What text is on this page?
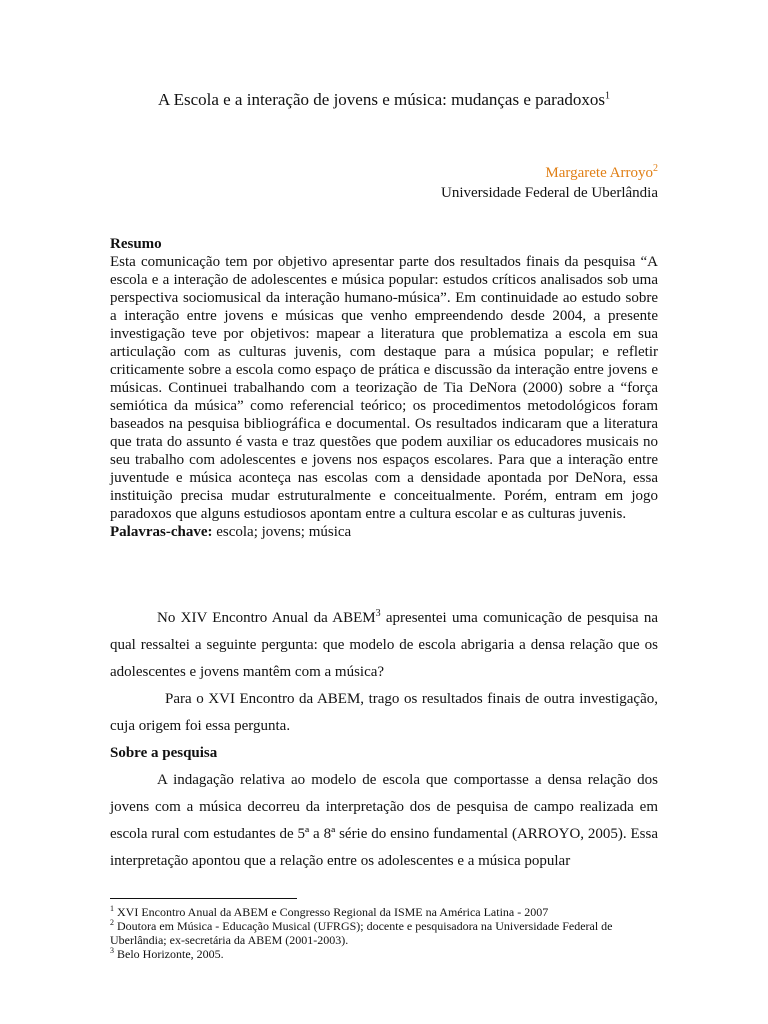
A Escola e a interação de jovens e música: mudanças e paradoxos$^1$
Margarete Arroyo$^2$
Universidade Federal de Uberlândia
Resumo
Esta comunicação tem por objetivo apresentar parte dos resultados finais da pesquisa “A escola e a interação de adolescentes e música popular: estudos críticos analisados sob uma perspectiva sociomusical da interação humano-música”. Em continuidade ao estudo sobre a interação entre jovens e músicas que venho empreendendo desde 2004, a presente investigação teve por objetivos: mapear a literatura que problematiza a escola em sua articulação com as culturas juvenis, com destaque para a música popular; e refletir criticamente sobre a escola como espaço de prática e discussão da interação entre jovens e músicas. Continuei trabalhando com a teorização de Tia DeNora (2000) sobre a “força semiótica da música” como referencial teórico; os procedimentos metodológicos foram baseados na pesquisa bibliográfica e documental. Os resultados indicaram que a literatura que trata do assunto é vasta e traz questões que podem auxiliar os educadores musicais no seu trabalho com adolescentes e jovens nos espaços escolares. Para que a interação entre juventude e música aconteça nas escolas com a densidade apontada por DeNora, essa instituição precisa mudar estruturalmente e conceitualmente. Porém, entram em jogo paradoxos que alguns estudiosos apontam entre a cultura escolar e as culturas juvenis.
Palavras-chave: escola; jovens; música

No XIV Encontro Anual da ABEM$^3$ apresentei uma comunicação de pesquisa na qual ressaltei a seguinte pergunta: que modelo de escola abrigaria a densa relação que os adolescentes e jovens mantêm com a música?

Para o XVI Encontro da ABEM, trago os resultados finais de outra investigação, cuja origem foi essa pergunta.

Sobre a pesquisa

A indagação relativa ao modelo de escola que comportasse a densa relação dos jovens com a música decorreu da interpretação dos de pesquisa de campo realizada em escola rural com estudantes de 5ª a 8ª série do ensino fundamental (ARROYO, 2005). Essa interpretação apontou que a relação entre os adolescentes e a música popular

$^1$ XVI Encontro Anual da ABEM e Congresso Regional da ISME na América Latina - 2007
$^2$ Doutora em Música - Educação Musical (UFRGS); docente e pesquisadora na Universidade Federal de Uberlândia; ex-secretária da ABEM (2001-2003).
$^3$ Belo Horizonte, 2005.
